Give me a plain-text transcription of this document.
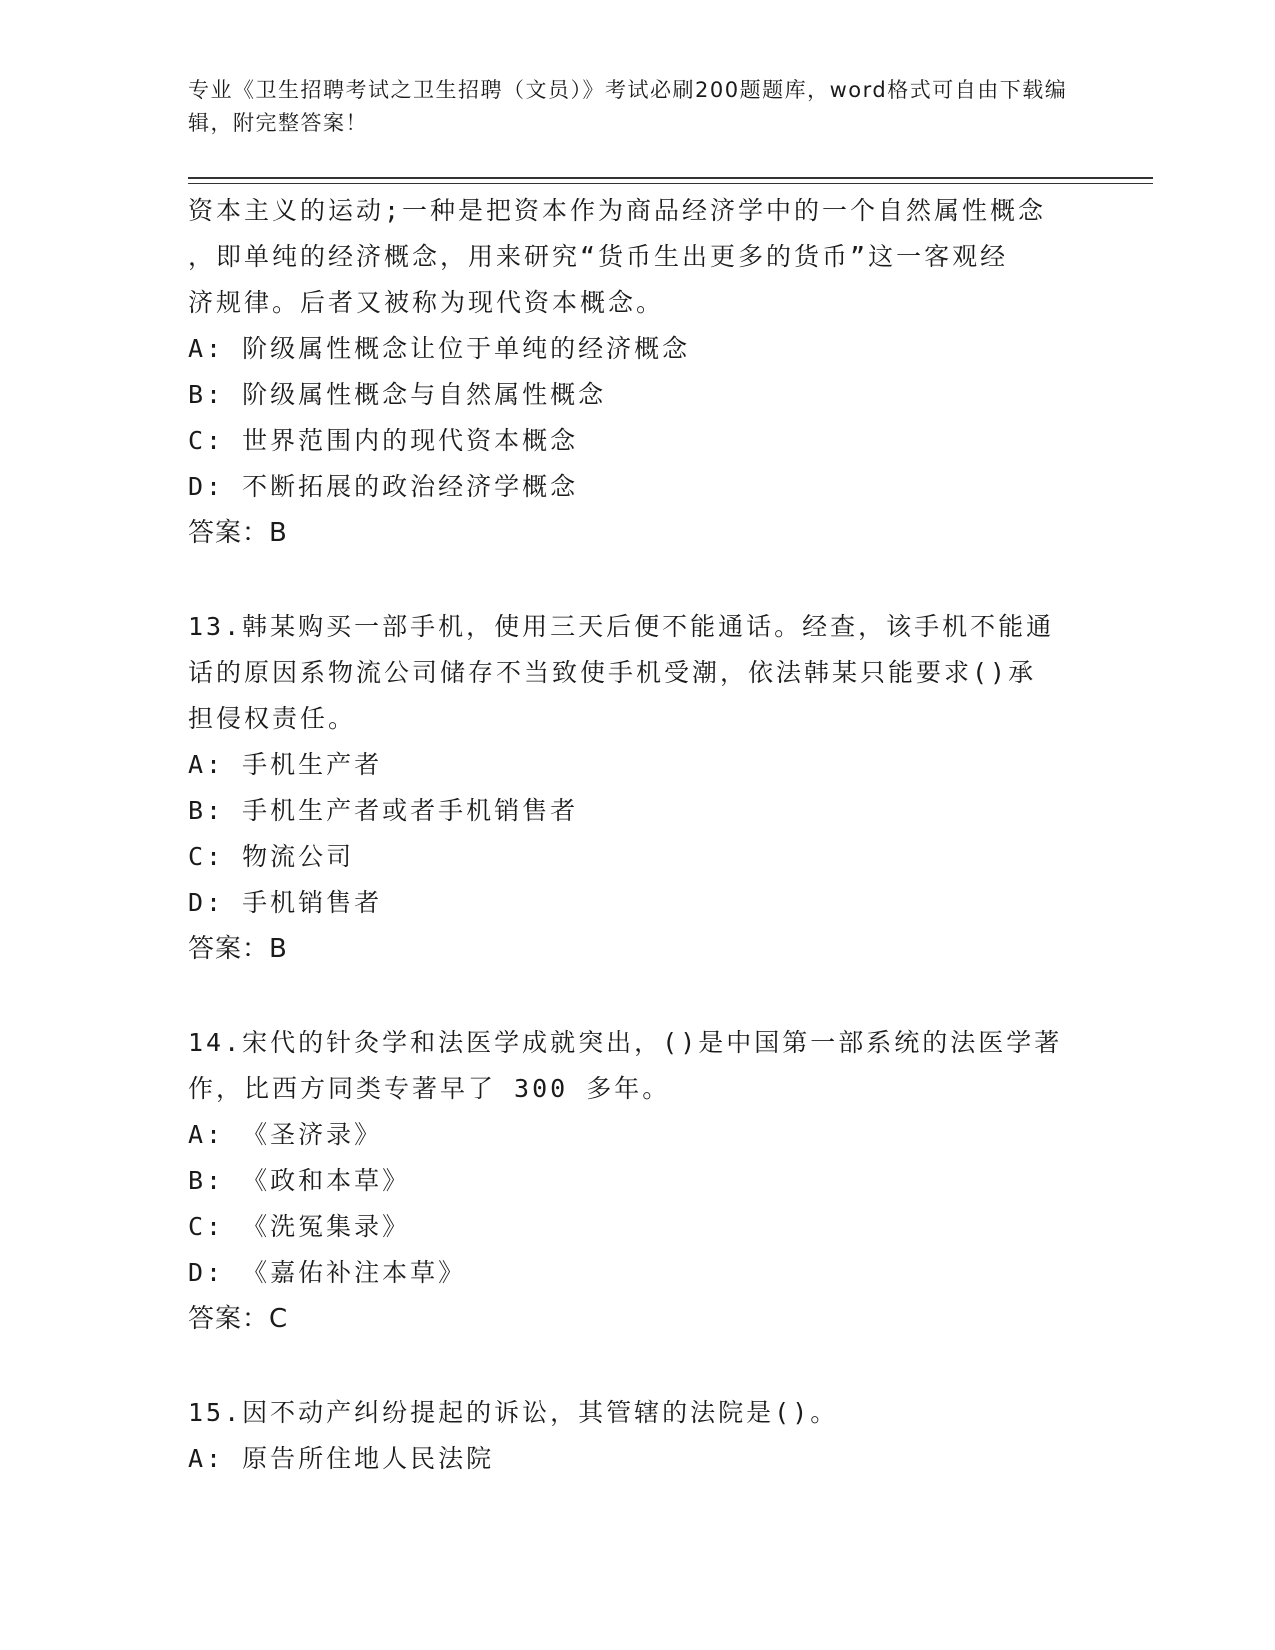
专业《卫生招聘考试之卫生招聘（文员）》考试必刷200题题库，word格式可自由下载编辑，附完整答案！
资本主义的运动;一种是把资本作为商品经济学中的一个自然属性概念
，即单纯的经济概念，用来研究“货币生出更多的货币”这一客观经
济规律。后者又被称为现代资本概念。
A: 阶级属性概念让位于单纯的经济概念
B: 阶级属性概念与自然属性概念
C: 世界范围内的现代资本概念
D: 不断拓展的政治经济学概念
答案：B
13.韩某购买一部手机，使用三天后便不能通话。经查，该手机不能通
话的原因系物流公司储存不当致使手机受潮，依法韩某只能要求()承
担侵权责任。
A: 手机生产者
B: 手机生产者或者手机销售者
C: 物流公司
D: 手机销售者
答案：B
14.宋代的针灸学和法医学成就突出，()是中国第一部系统的法医学著
作，比西方同类专著早了 300 多年。
A: 《圣济录》
B: 《政和本草》
C: 《洗冤集录》
D: 《嘉佑补注本草》
答案：C
15.因不动产纠纷提起的诉讼，其管辖的法院是()。
A: 原告所住地人民法院
